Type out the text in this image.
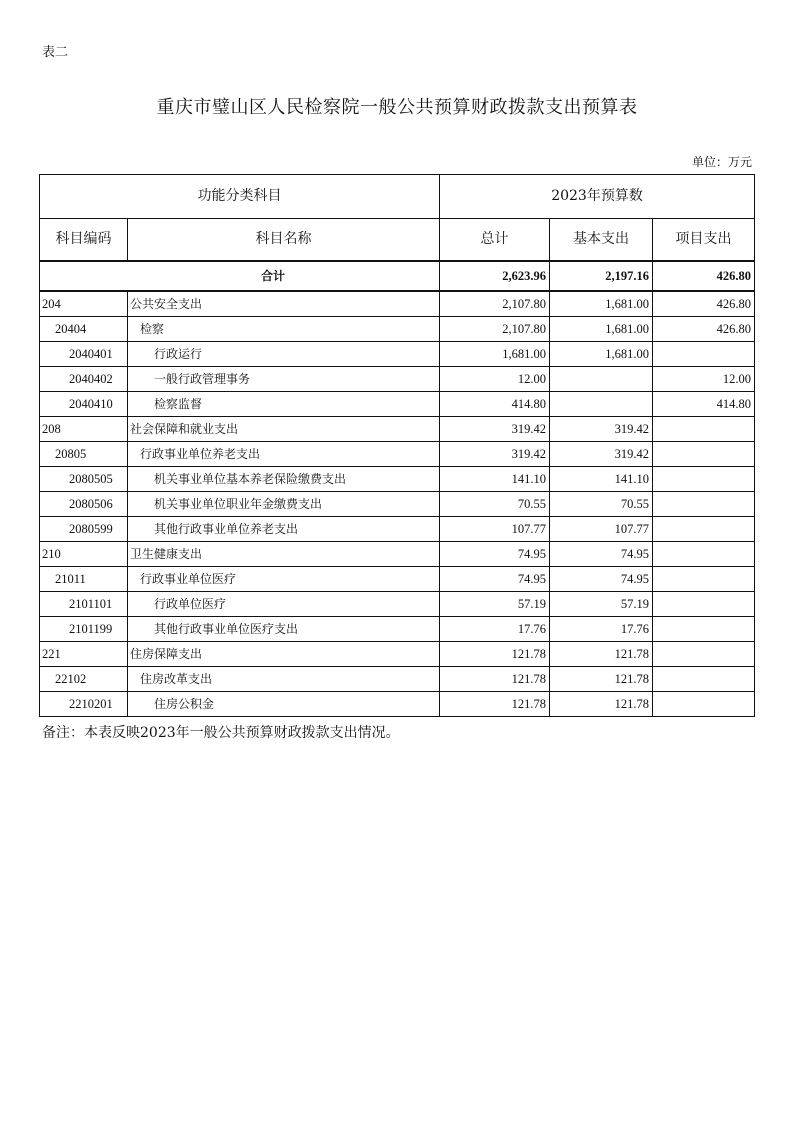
表二
重庆市璧山区人民检察院一般公共预算财政拨款支出预算表
单位：万元
功能分类科目		2023年预算数		
科目编码	科目名称	总计	基本支出	项目支出
合计		2,623.96	2,197.16	426.80
204	公共安全支出	2,107.80	1,681.00	426.80
20404	检察	2,107.80	1,681.00	426.80
2040401	行政运行	1,681.00	1,681.00	
2040402	一般行政管理事务	12.00		12.00
2040410	检察监督	414.80		414.80
208	社会保障和就业支出	319.42	319.42	
20805	行政事业单位养老支出	319.42	319.42	
2080505	机关事业单位基本养老保险缴费支出	141.10	141.10	
2080506	机关事业单位职业年金缴费支出	70.55	70.55	
2080599	其他行政事业单位养老支出	107.77	107.77	
210	卫生健康支出	74.95	74.95	
21011	行政事业单位医疗	74.95	74.95	
2101101	行政单位医疗	57.19	57.19	
2101199	其他行政事业单位医疗支出	17.76	17.76	
221	住房保障支出	121.78	121.78	
22102	住房改革支出	121.78	121.78	
2210201	住房公积金	121.78	121.78	
备注：本表反映2023年一般公共预算财政拨款支出情况。
